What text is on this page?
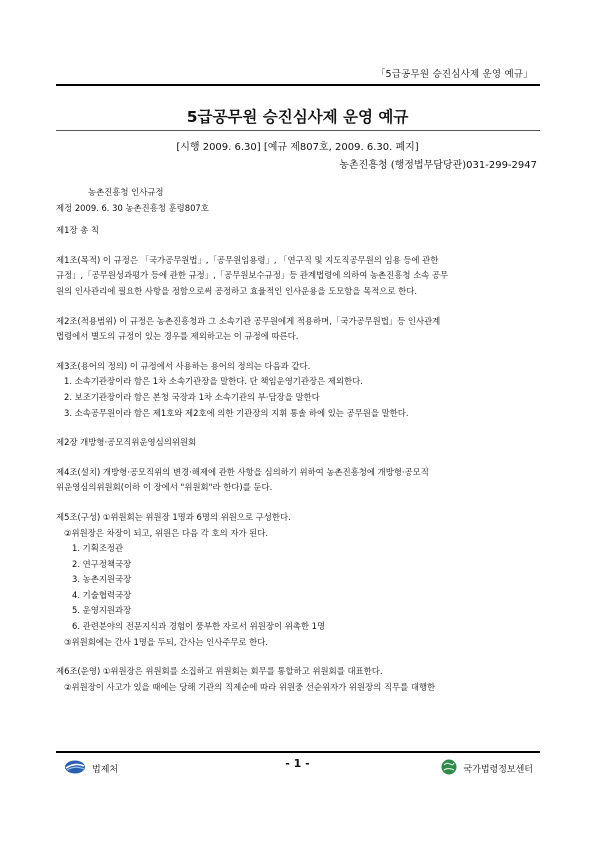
「5급공무원 승진심사제 운영 예규」
5급공무원 승진심사제 운영 예규
[시행 2009. 6.30] [예규 제807호, 2009. 6.30. 폐지]
농촌진흥청 (행정법무담당관)031-299-2947

농촌진흥청 인사규정

제정 2009. 6. 30 농촌진흥청 훈령807호

제1장 총 칙

제1조(목적) 이 규정은 「국가공무원법」,「공무원임용령」, 「연구직 및 지도직공무원의 임용 등에 관한

규정」,「공무원성과평가 등에 관한 규정」,「공무원보수규정」등 관계법령에 의하여 농촌진흥청 소속 공무

원의 인사관리에 필요한 사항을 정함으로써 공정하고 효율적인 인사운용을 도모함을 목적으로 한다.

제2조(적용범위) 이 규정은 농촌진흥청과 그 소속기관 공무원에게 적용하며,「국가공무원법」등 인사관계

법령에서 별도의 규정이 있는 경우를 제외하고는 이 규정에 따른다.

제3조(용어의 정의) 이 규정에서 사용하는 용어의 정의는 다음과 같다.

1. 소속기관장이라 함은 1차 소속기관장을 말한다. 단 책임운영기관장은 제외한다.

2. 보조기관장이라 함은 본청 국장과 1차 소속기관의 부·담장을 말한다

3. 소속공무원이라 함은 제1호와 제2호에 의한 기관장의 지휘 통솔 하에 있는 공무원을 말한다.

제2장 개방형·공모직위운영심의위원회

제4조(설치) 개방형·공모직위의 변경·해제에 관한 사항을 심의하기 위하여 농촌진흥청에 개방형·공모직

위운영심의위원회(이하 이 장에서 "위원회"라 한다)를 둔다.

제5조(구성) ①위원회는 위원장 1명과 6명의 위원으로 구성한다.

②위원장은 차장이 되고, 위원은 다음 각 호의 자가 된다.

1. 기획조정관

2. 연구정책국장

3. 농촌지원국장

4. 기술협력국장

5. 운영지원과장

6. 관련분야의 전문지식과 경험이 풍부한 자로서 위원장이 위촉한 1명

③위원회에는 간사 1명을 두되, 간사는 인사주무로 한다.

제6조(운영) ①위원장은 위원회를 소집하고 위원회는 회무를 통할하고 위원회를 대표한다.

②위원장이 사고가 있을 때에는 당해 기관의 직제순에 따라 위원중 선순위자가 위원장의 직무를 대행한

법제처	- 1 -	국가법령정보센터
